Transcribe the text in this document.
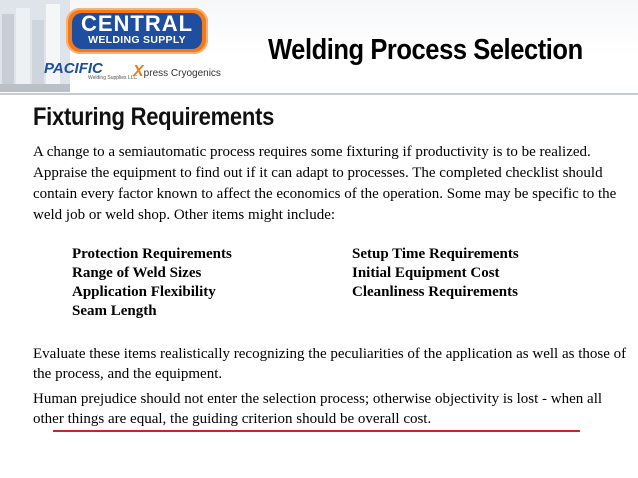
CENTRAL
WELDING SUPPLY
PACIFIC
Welding Supplies LLC
Xpress Cryogenics
Welding Process Selection
Fixturing Requirements
A change to a semiautomatic process requires some fixturing if productivity is to be realized. Appraise the equipment to find out if it can adapt to processes. The completed checklist should contain every factor known to affect the economics of the operation. Some may be specific to the weld job or weld shop. Other items might include:
Protection Requirements
Range of Weld Sizes
Application Flexibility
Seam Length
Setup Time Requirements
Initial Equipment Cost
Cleanliness Requirements
Evaluate these items realistically recognizing the peculiarities of the application as well as those of the process, and the equipment.
Human prejudice should not enter the selection process; otherwise objectivity is lost - when all other things are equal, the guiding criterion should be overall cost.
